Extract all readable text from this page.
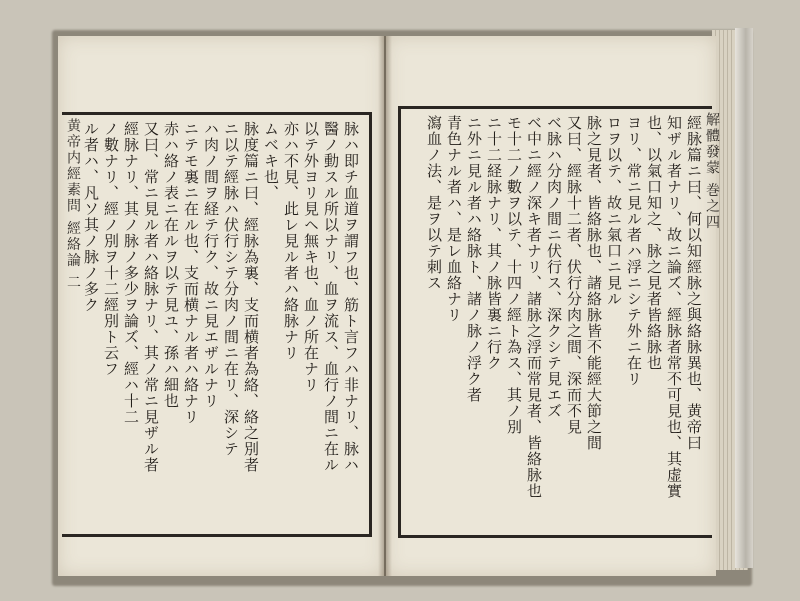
脉ハ即チ血道ヲ謂フ也、筋ト言フハ非ナリ、脉ハ
醫ノ動スル所以ナリ、血ヲ流ス、血行ノ間ニ在ル
以テ外ヨリ見ヘ無キ也、血ノ所在ナリ
亦ハ不見、此レ見ル者ハ絡脉ナリ
ムベキ也、
脉度篇ニ曰、經脉為裏、支而横者為絡、絡之別者
ニ以テ經脉ハ伏行シテ分肉ノ間ニ在リ、深シテ
ハ肉ノ間ヲ経テ行ク、故ニ見エザルナリ
ニテモ裏ニ在ル也、支而横ナル者ハ絡ナリ
赤ハ絡ノ表ニ在ルヲ以テ見ユ、孫ハ細也
又曰、常ニ見ル者ハ絡脉ナリ、其ノ常ニ見ザル者
經脉ナリ、其ノ脉ノ多少ヲ論ズ、經ハ十二
ノ數ナリ、經ノ別ヲ十二經別ト云フ
ル者ハ、凡ソ其ノ脉ノ多ク
黄帝内經素問 經絡論 二	經脉篇ニ曰、何以知經脉之與絡脉異也、黄帝曰
知ザル者ナリ、故ニ論ズ、經脉者常不可見也、其虚實
也、以氣口知之、脉之見者皆絡脉也
ヨリ、常ニ見ル者ハ浮ニシテ外ニ在リ
ロヲ以テ、故ニ氣口ニ見ル
脉之見者、皆絡脉也、諸絡脉皆不能經大節之間
又曰、經脉十二者、伏行分肉之間、深而不見
ベ脉ハ分肉ノ間ニ伏行ス、深クシテ見エズ
ベ中ニ經ノ深キ者ナリ、諸脉之浮而常見者、皆絡脉也
モ十二ノ數ヲ以テ、十四ノ經ト為ス、其ノ別
ニ十二経脉ナリ、其ノ脉皆裏ニ行ク
ニ外ニ見ル者ハ絡脉ト、諸ノ脉ノ浮ク者
青色ナル者ハ、是レ血絡ナリ
瀉血ノ法、是ヲ以テ刺ス	解體發蒙 巻之四
